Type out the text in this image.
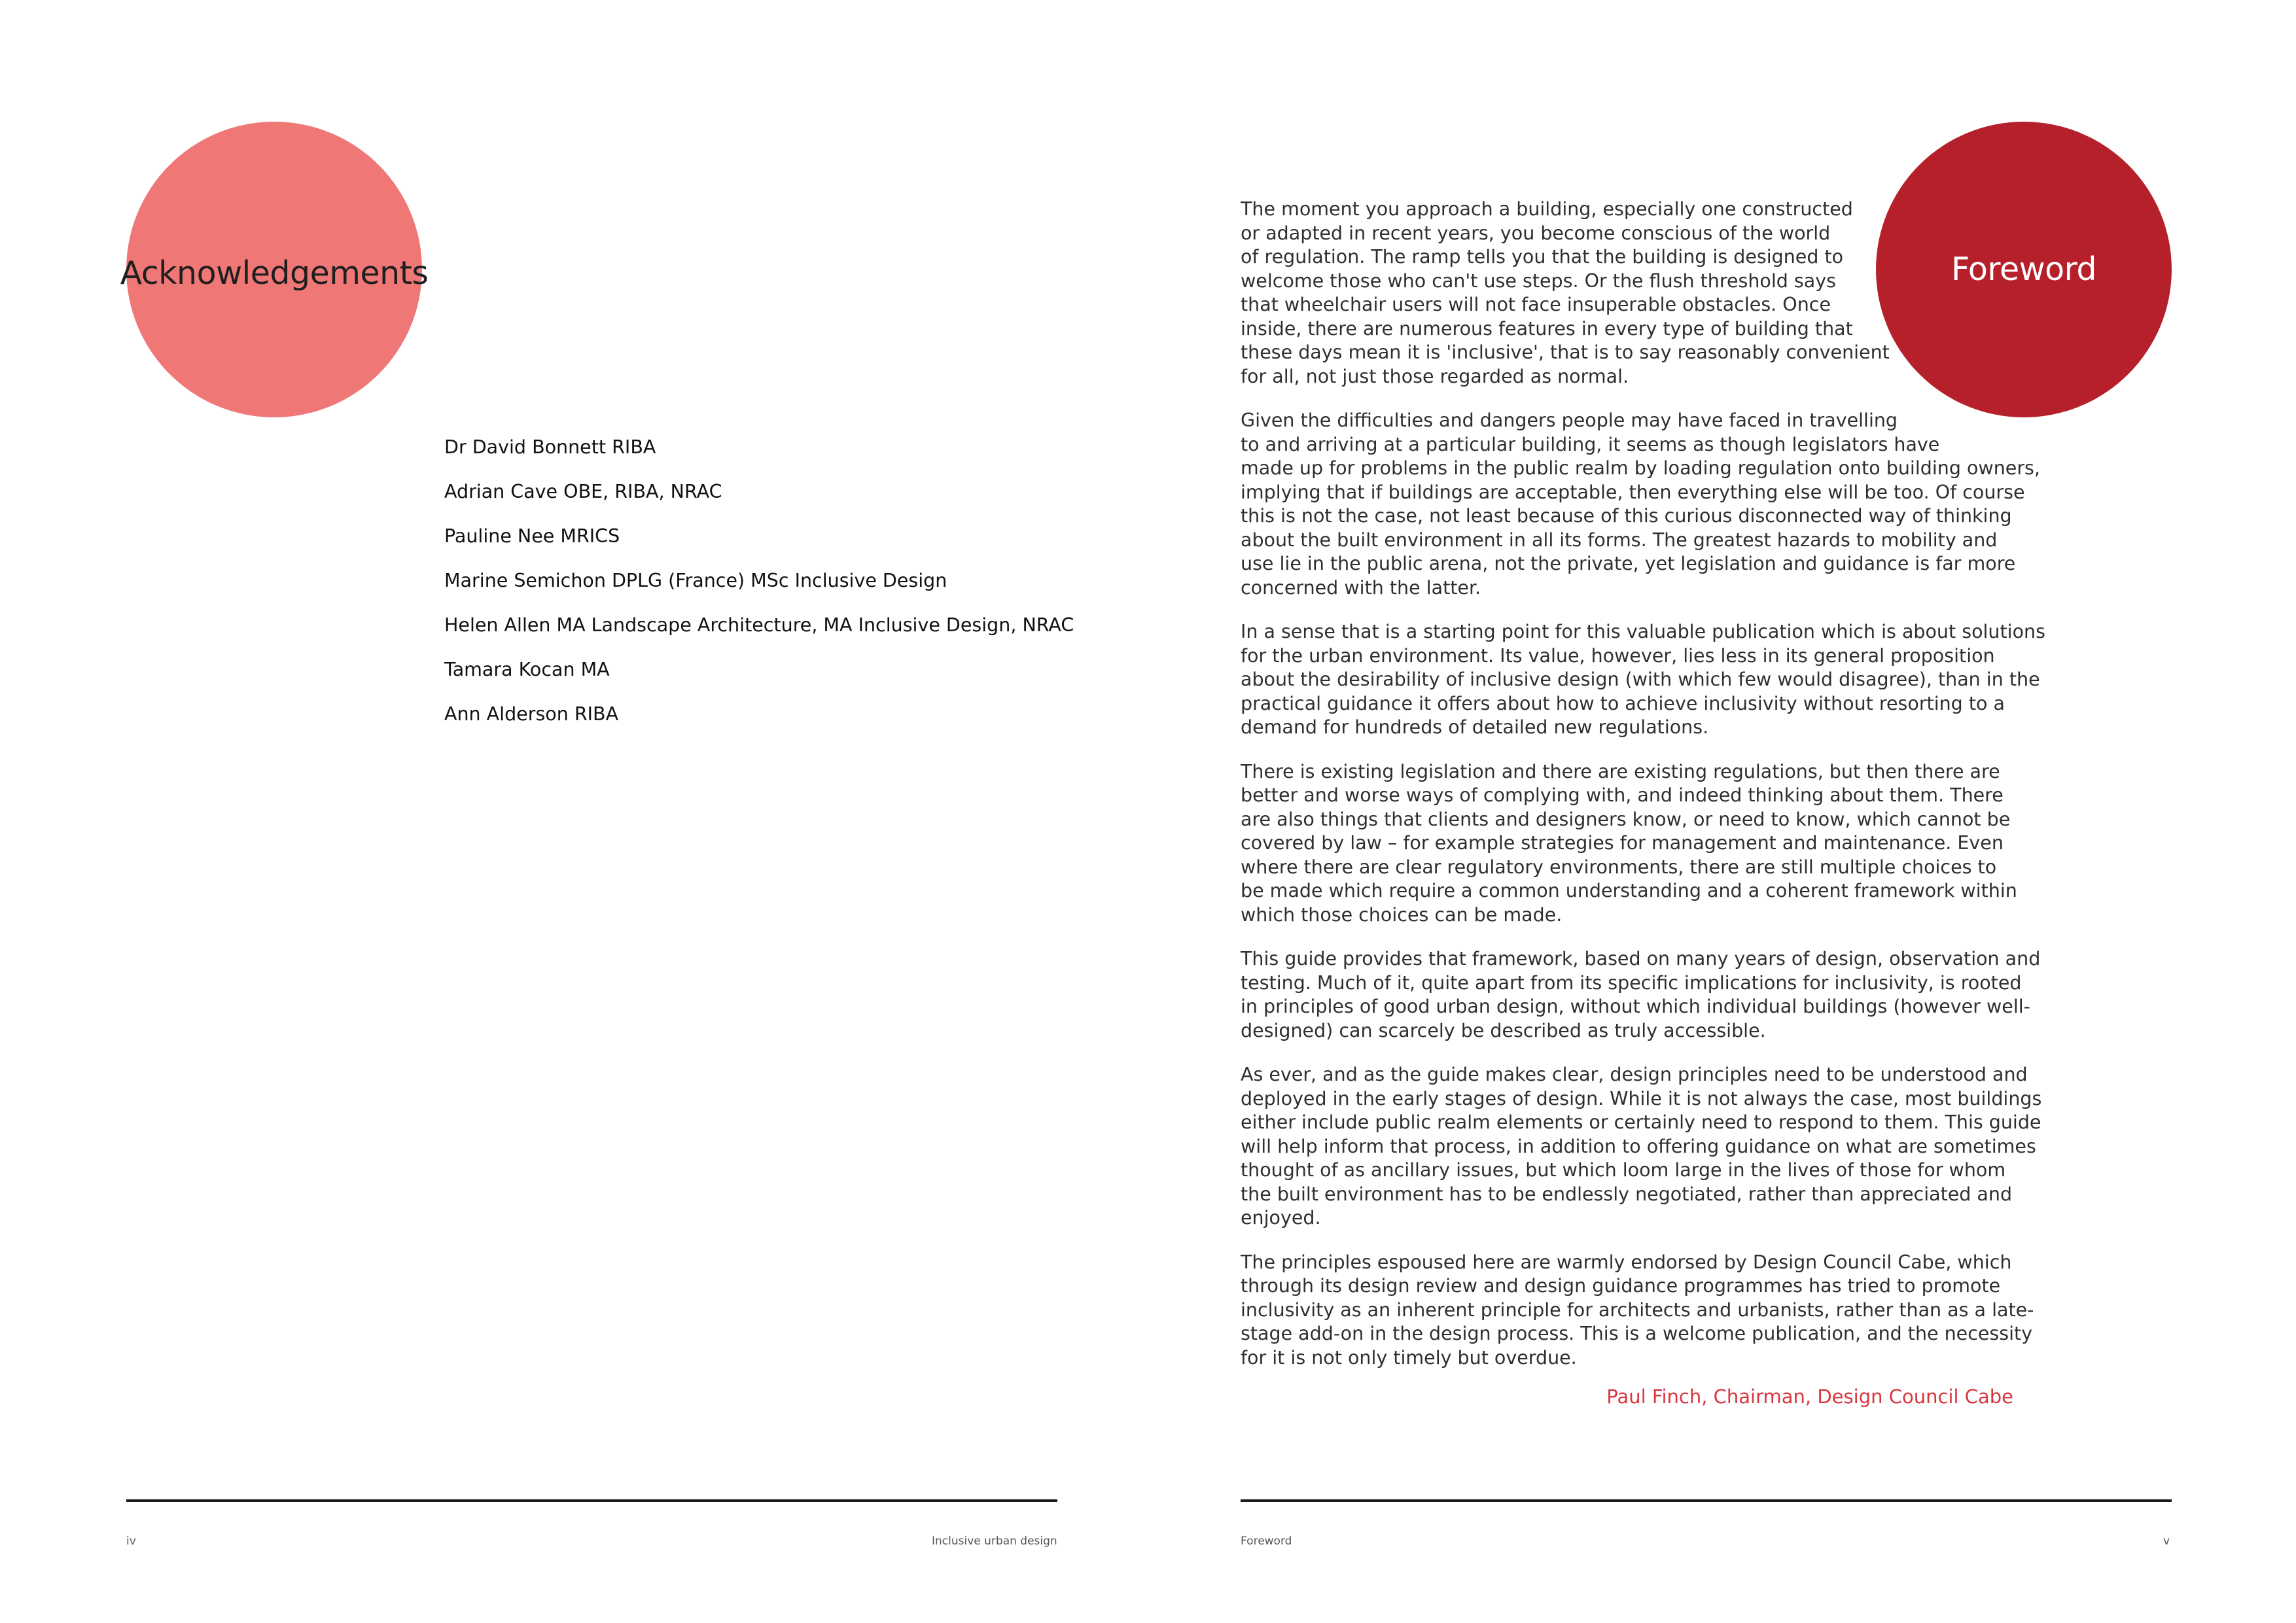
Acknowledgements
Dr David Bonnett RIBA
Adrian Cave OBE, RIBA, NRAC
Pauline Nee MRICS
Marine Semichon DPLG (France) MSc Inclusive Design
Helen Allen MA Landscape Architecture, MA Inclusive Design, NRAC
Tamara Kocan MA
Ann Alderson RIBA
Foreword

The moment you approach a building, especially one constructed
or adapted in recent years, you become conscious of the world
of regulation. The ramp tells you that the building is designed to
welcome those who can't use steps. Or the flush threshold says
that wheelchair users will not face insuperable obstacles. Once
inside, there are numerous features in every type of building that
these days mean it is 'inclusive', that is to say reasonably convenient
for all, not just those regarded as normal.

Given the difficulties and dangers people may have faced in travelling
to and arriving at a particular building, it seems as though legislators have
made up for problems in the public realm by loading regulation onto building owners,
implying that if buildings are acceptable, then everything else will be too. Of course
this is not the case, not least because of this curious disconnected way of thinking
about the built environment in all its forms. The greatest hazards to mobility and
use lie in the public arena, not the private, yet legislation and guidance is far more
concerned with the latter.

In a sense that is a starting point for this valuable publication which is about solutions
for the urban environment. Its value, however, lies less in its general proposition
about the desirability of inclusive design (with which few would disagree), than in the
practical guidance it offers about how to achieve inclusivity without resorting to a
demand for hundreds of detailed new regulations.

There is existing legislation and there are existing regulations, but then there are
better and worse ways of complying with, and indeed thinking about them. There
are also things that clients and designers know, or need to know, which cannot be
covered by law – for example strategies for management and maintenance. Even
where there are clear regulatory environments, there are still multiple choices to
be made which require a common understanding and a coherent framework within
which those choices can be made.

This guide provides that framework, based on many years of design, observation and
testing. Much of it, quite apart from its specific implications for inclusivity, is rooted
in principles of good urban design, without which individual buildings (however well-
designed) can scarcely be described as truly accessible.

As ever, and as the guide makes clear, design principles need to be understood and
deployed in the early stages of design. While it is not always the case, most buildings
either include public realm elements or certainly need to respond to them. This guide
will help inform that process, in addition to offering guidance on what are sometimes
thought of as ancillary issues, but which loom large in the lives of those for whom
the built environment has to be endlessly negotiated, rather than appreciated and
enjoyed.

The principles espoused here are warmly endorsed by Design Council Cabe, which
through its design review and design guidance programmes has tried to promote
inclusivity as an inherent principle for architects and urbanists, rather than as a late-
stage add-on in the design process. This is a welcome publication, and the necessity
for it is not only timely but overdue.

Paul Finch, Chairman, Design Council Cabe
iv	Inclusive urban design	Foreword	v
